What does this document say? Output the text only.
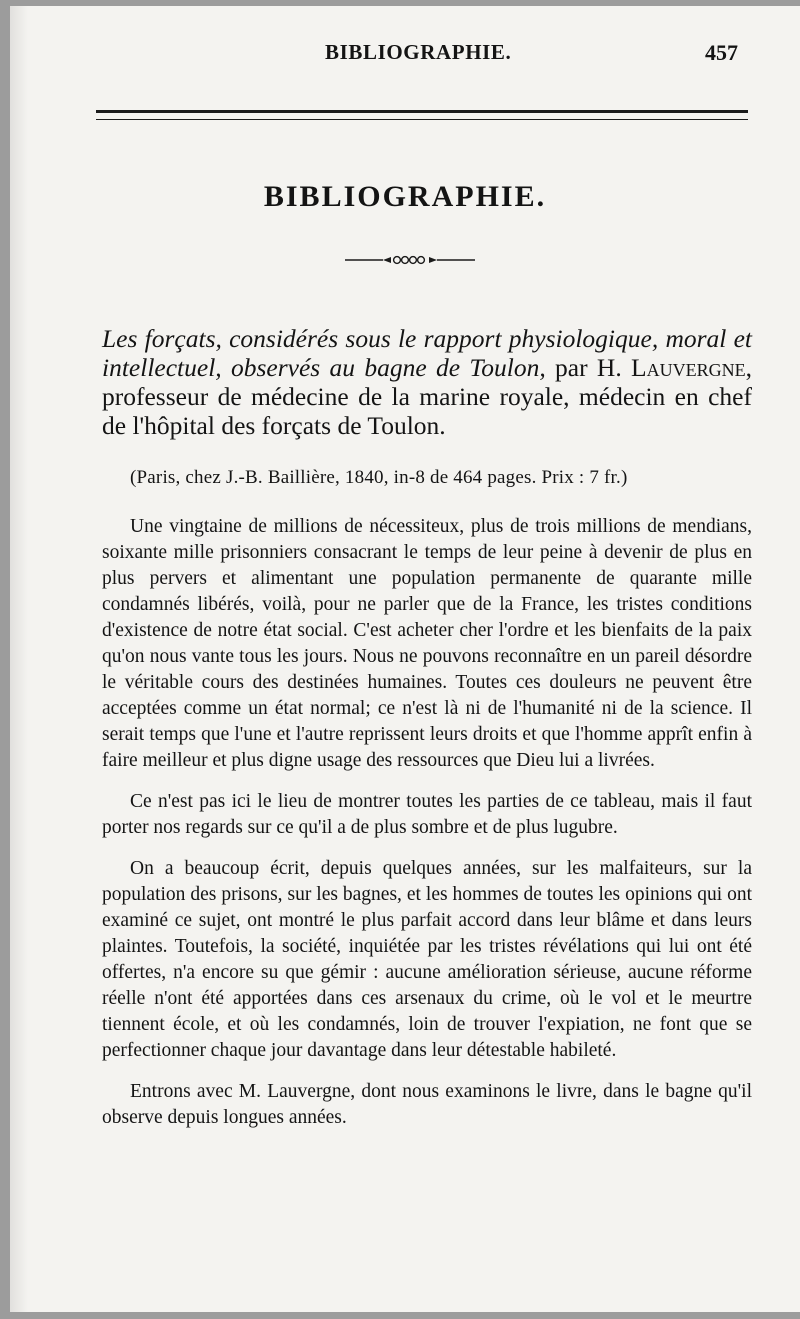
BIBLIOGRAPHIE.	457
BIBLIOGRAPHIE.
Les forçats, considérés sous le rapport physiologique, moral et intellectuel, observés au bagne de Toulon, par H. Lauvergne, professeur de médecine de la marine royale, médecin en chef de l'hôpital des forçats de Toulon.
(Paris, chez J.-B. Baillière, 1840, in-8 de 464 pages. Prix : 7 fr.)

Une vingtaine de millions de nécessiteux, plus de trois millions de mendians, soixante mille prisonniers consacrant le temps de leur peine à devenir de plus en plus pervers et alimentant une population permanente de quarante mille condamnés libérés, voilà, pour ne parler que de la France, les tristes conditions d'existence de notre état social. C'est acheter cher l'ordre et les bienfaits de la paix qu'on nous vante tous les jours. Nous ne pouvons reconnaître en un pareil désordre le véritable cours des destinées humaines. Toutes ces douleurs ne peuvent être acceptées comme un état normal; ce n'est là ni de l'humanité ni de la science. Il serait temps que l'une et l'autre reprissent leurs droits et que l'homme apprît enfin à faire meilleur et plus digne usage des ressources que Dieu lui a livrées.

Ce n'est pas ici le lieu de montrer toutes les parties de ce tableau, mais il faut porter nos regards sur ce qu'il a de plus sombre et de plus lugubre.

On a beaucoup écrit, depuis quelques années, sur les malfaiteurs, sur la population des prisons, sur les bagnes, et les hommes de toutes les opinions qui ont examiné ce sujet, ont montré le plus parfait accord dans leur blâme et dans leurs plaintes. Toutefois, la société, inquiétée par les tristes révélations qui lui ont été offertes, n'a encore su que gémir : aucune amélioration sérieuse, aucune réforme réelle n'ont été apportées dans ces arsenaux du crime, où le vol et le meurtre tiennent école, et où les condamnés, loin de trouver l'expiation, ne font que se perfectionner chaque jour davantage dans leur détestable habileté.

Entrons avec M. Lauvergne, dont nous examinons le livre, dans le bagne qu'il observe depuis longues années.
